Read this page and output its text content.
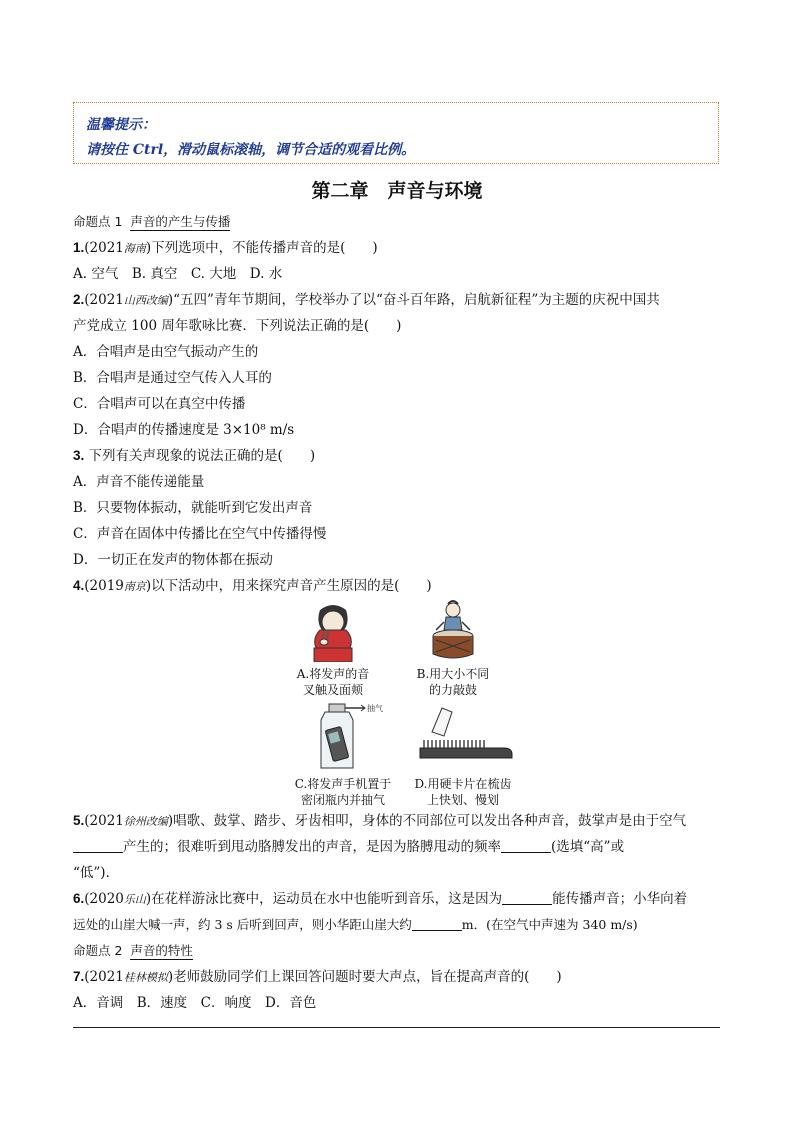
温馨提示：
请按住 Ctrl，滑动鼠标滚轴，调节合适的观看比例。
第二章　声音与环境
命题点 1 声音的产生与传播
1.(2021海南)下列选项中，不能传播声音的是(　　)
A. 空气　B. 真空　C. 大地　D. 水
2.(2021山西改编)“五四”青年节期间，学校举办了以“奋斗百年路，启航新征程”为主题的庆祝中国共
产党成立 100 周年歌咏比赛．下列说法正确的是(　　)
A．合唱声是由空气振动产生的
B．合唱声是通过空气传入人耳的
C．合唱声可以在真空中传播
D．合唱声的传播速度是 3×10⁸ m/s
3. 下列有关声现象的说法正确的是(　　)
A．声音不能传递能量
B．只要物体振动，就能听到它发出声音
C．声音在固体中传播比在空气中传播得慢
D．一切正在发声的物体都在振动
4.(2019南京)以下活动中，用来探究声音产生原因的是(　　)
A.将发声的音
叉触及面颊
B.用大小不同
的力敲鼓
抽气
C.将发声手机置于
密闭瓶内并抽气
D.用硬卡片在梳齿
上快划、慢划
5.(2021徐州改编)唱歌、鼓掌、踏步、牙齿相叩，身体的不同部位可以发出各种声音，鼓掌声是由于空气
产生的；很难听到甩动胳膊发出的声音，是因为胳膊甩动的频率	(选填“高”或
“低”)．
6.(2020乐山)在花样游泳比赛中，运动员在水中也能听到音乐，这是因为	能传播声音；小华向着
远处的山崖大喊一声，约 3 s 后听到回声，则小华距山崖大约	m．(在空气中声速为 340 m/s)
命题点 2 声音的特性
7.(2021桂林模拟)老师鼓励同学们上课回答问题时要大声点，旨在提高声音的(　　)
A．音调　B．速度　C．响度　D．音色
